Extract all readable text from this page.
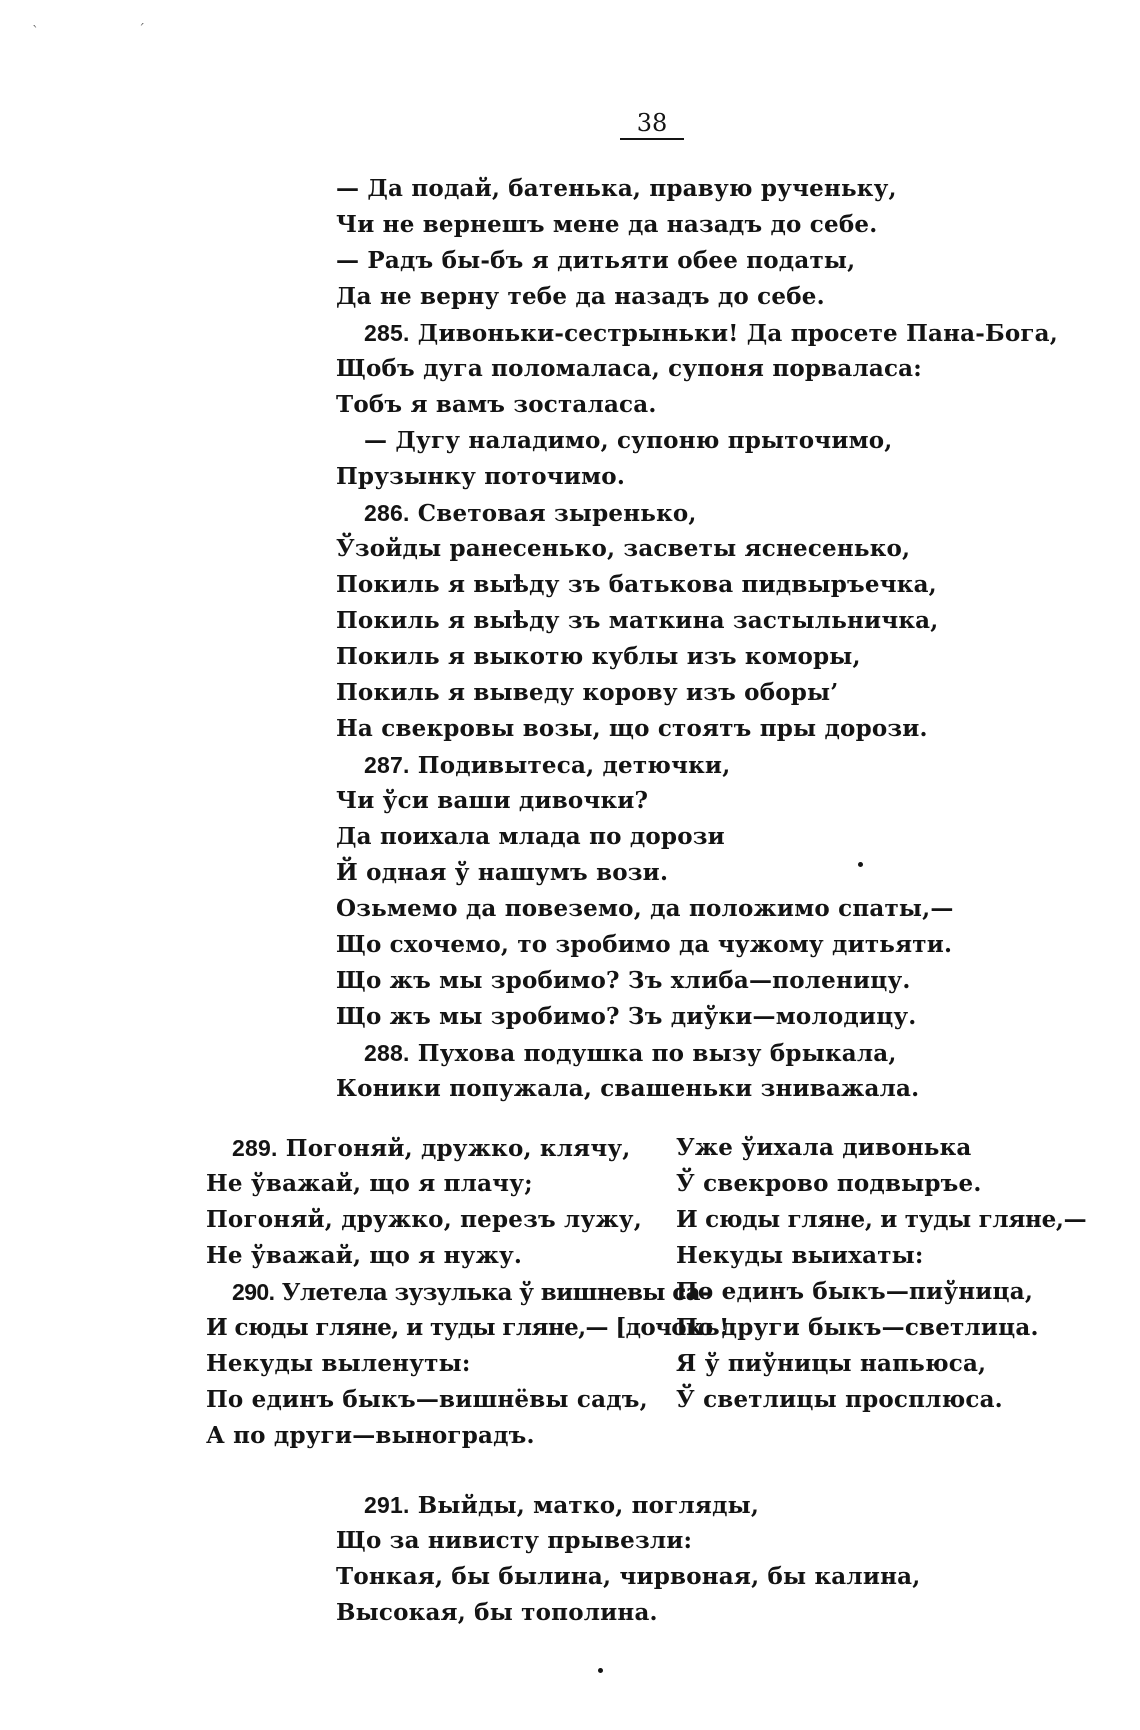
ˋ	ˊ
38
— Да подай, батенька, правую рученьку,
Чи не вернешъ мене да назадъ до себе.
— Радъ бы-бъ я дитьяти обее податы,
Да не верну тебе да назадъ до себе.
285. Дивоньки-сестрыньки! Да просете Пана-Бога,
Щобъ дуга поломаласа, супоня порваласа:
Тобъ я вамъ зосталаса.
— Дугу наладимо, супоню прыточимо,
Прузынку поточимо.
286. Световая зыренько,
Ўзойды ранесенько, засветы яснесенько,
Покиль я выѣду зъ батькова пидвыръечка,
Покиль я выѣду зъ маткина застыльничка,
Покиль я выкотю кублы изъ коморы,
Покиль я выведу корову изъ оборы’
На свекровы возы, що стоятъ пры дорози.
287. Подивытеса, детючки,
Чи ўси ваши дивочки?
Да поихала млада по дорози
Й одная ў нашумъ вози.
Озьмемо да повеземо, да положимо спаты,—
Що схочемо, то зробимо да чужому дитьяти.
Що жъ мы зробимо? Зъ хлиба—поленицу.
Що жъ мы зробимо? Зъ диўки—молодицу.
288. Пухова подушка по вызу брыкала,
Коники попужала, свашеньки зниважала.
289. Погоняй, дружко, клячу,
Не ўважай, що я плачу;
Погоняй, дружко, перезъ лужу,
Не ўважай, що я нужу.
290. Улетела зузулька ў вишневы са-
И сюды гляне, и туды гляне,— [дочокъ!
Некуды выленуты:
По единъ быкъ—вишнёвы садъ,
А по други—выноградъ.
Уже ўихала дивонька
Ў свекрово подвыръе.
И сюды гляне, и туды гляне,—
Некуды выихаты:
По единъ быкъ—пиўница,
По други быкъ—светлица.
Я ў пиўницы напьюса,
Ў светлицы просплюса.
291. Выйды, матко, погляды,
Що за нивисту прывезли:
Тонкая, бы былина, чирвоная, бы калина,
Высокая, бы тополина.
